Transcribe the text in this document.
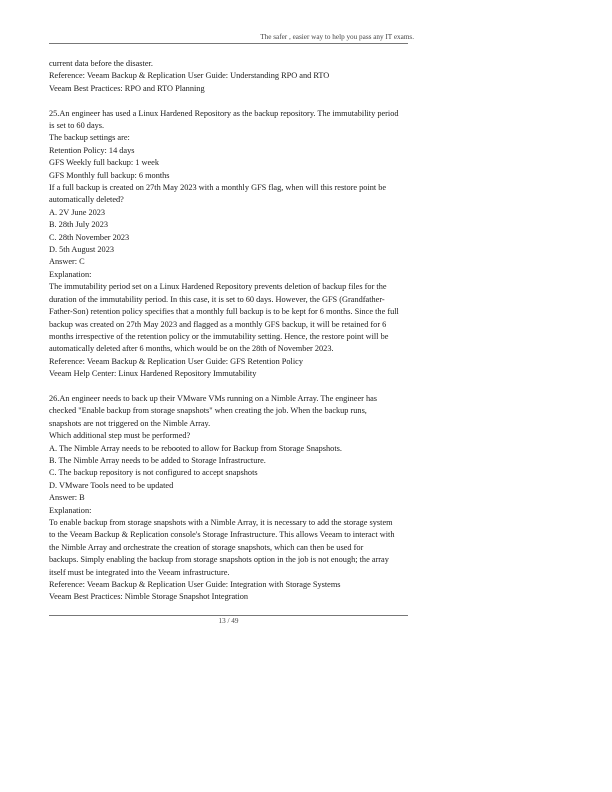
The safer , easier way to help you pass any IT exams.

current data before the disaster.

Reference: Veeam Backup & Replication User Guide: Understanding RPO and RTO

Veeam Best Practices: RPO and RTO Planning

25.An engineer has used a Linux Hardened Repository as the backup repository. The immutability period

is set to 60 days.

The backup settings are:

Retention Policy: 14 days

GFS Weekly full backup: 1 week

GFS Monthly full backup: 6 months

If a full backup is created on 27th May 2023 with a monthly GFS flag, when will this restore point be

automatically deleted?

A. 2V June 2023

B. 28th July 2023

C. 28th November 2023

D. 5th August 2023

Answer: C

Explanation:

The immutability period set on a Linux Hardened Repository prevents deletion of backup files for the

duration of the immutability period. In this case, it is set to 60 days. However, the GFS (Grandfather-

Father-Son) retention policy specifies that a monthly full backup is to be kept for 6 months. Since the full

backup was created on 27th May 2023 and flagged as a monthly GFS backup, it will be retained for 6

months irrespective of the retention policy or the immutability setting. Hence, the restore point will be

automatically deleted after 6 months, which would be on the 28th of November 2023.

Reference: Veeam Backup & Replication User Guide: GFS Retention Policy

Veeam Help Center: Linux Hardened Repository Immutability

26.An engineer needs to back up their VMware VMs running on a Nimble Array. The engineer has

checked "Enable backup from storage snapshots" when creating the job. When the backup runs,

snapshots are not triggered on the Nimble Array.

Which additional step must be performed?

A. The Nimble Array needs to be rebooted to allow for Backup from Storage Snapshots.

B. The Nimble Array needs to be added to Storage Infrastructure.

C. The backup repository is not configured to accept snapshots

D. VMware Tools need to be updated

Answer: B

Explanation:

To enable backup from storage snapshots with a Nimble Array, it is necessary to add the storage system

to the Veeam Backup & Replication console's Storage Infrastructure. This allows Veeam to interact with

the Nimble Array and orchestrate the creation of storage snapshots, which can then be used for

backups. Simply enabling the backup from storage snapshots option in the job is not enough; the array

itself must be integrated into the Veeam infrastructure.

Reference: Veeam Backup & Replication User Guide: Integration with Storage Systems

Veeam Best Practices: Nimble Storage Snapshot Integration

13 / 49
